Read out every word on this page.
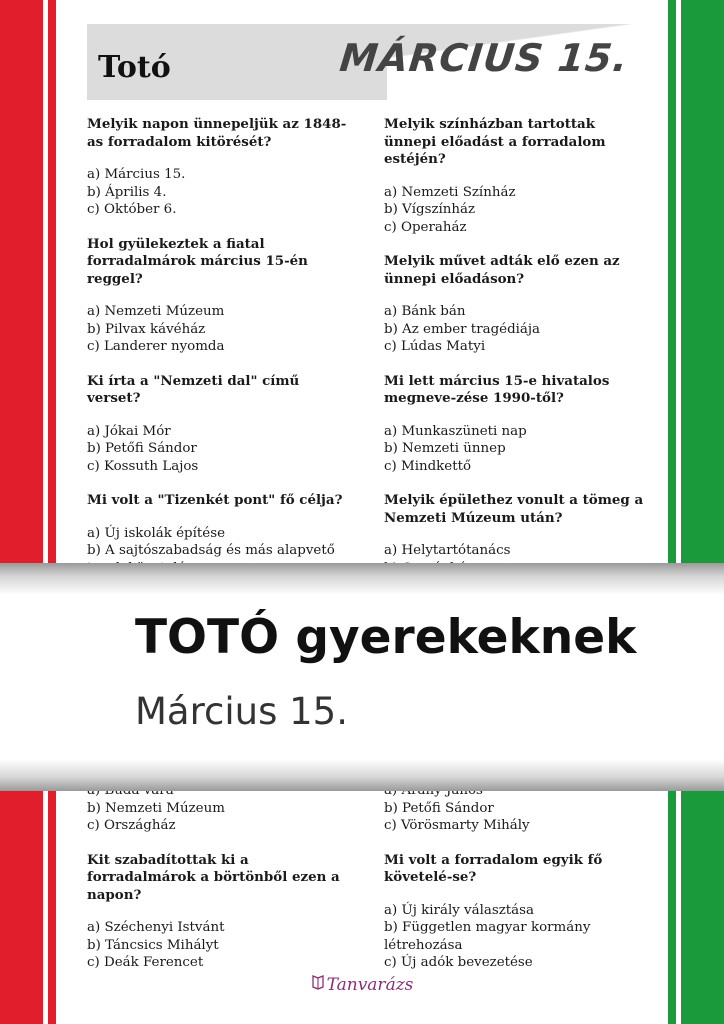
Totó	MÁRCIUS 15.

Melyik napon ünnepeljük az 1848-as forradalom kitörését?

a) Március 15.

b) Április 4.

c) Október 6.

Hol gyülekeztek a fiatal forradalmárok március 15-én reggel?

a) Nemzeti Múzeum

b) Pilvax kávéház

c) Landerer nyomda

Ki írta a "Nemzeti dal" című verset?

a) Jókai Mór

b) Petőfi Sándor

c) Kossuth Lajos

Mi volt a "Tizenkét pont" fő célja?

a) Új iskolák építése

b) A sajtószabadság és más alapvető

Melyik színházban tartottak ünnepi előadást a forradalom estéjén?

a) Nemzeti Színház

b) Vígszínház

c) Operaház

Melyik művet adták elő ezen az ünnepi előadáson?

a) Bánk bán

b) Az ember tragédiája

c) Lúdas Matyi

Mi lett március 15-e hivatalos megneve-zése 1990-től?

a) Munkaszüneti nap

b) Nemzeti ünnep

c) Mindkettő

Melyik épülethez vonult a tömeg a Nemzeti Múzeum után?

a) Helytartótanács

b) Nemzeti Múzeum

c) Országház

Kit szabadítottak ki a forradalmárok a börtönből ezen a napon?

a) Széchenyi Istvánt

b) Táncsics Mihályt

c) Deák Ferencet

b) Petőfi Sándor

c) Vörösmarty Mihály

Mi volt a forradalom egyik fő követelé-se?

a) Új király választása

b) Független magyar kormány létrehozása

c) Új adók bevezetése

TOTÓ gyerekeknek
Március 15.
Tanvarázs
